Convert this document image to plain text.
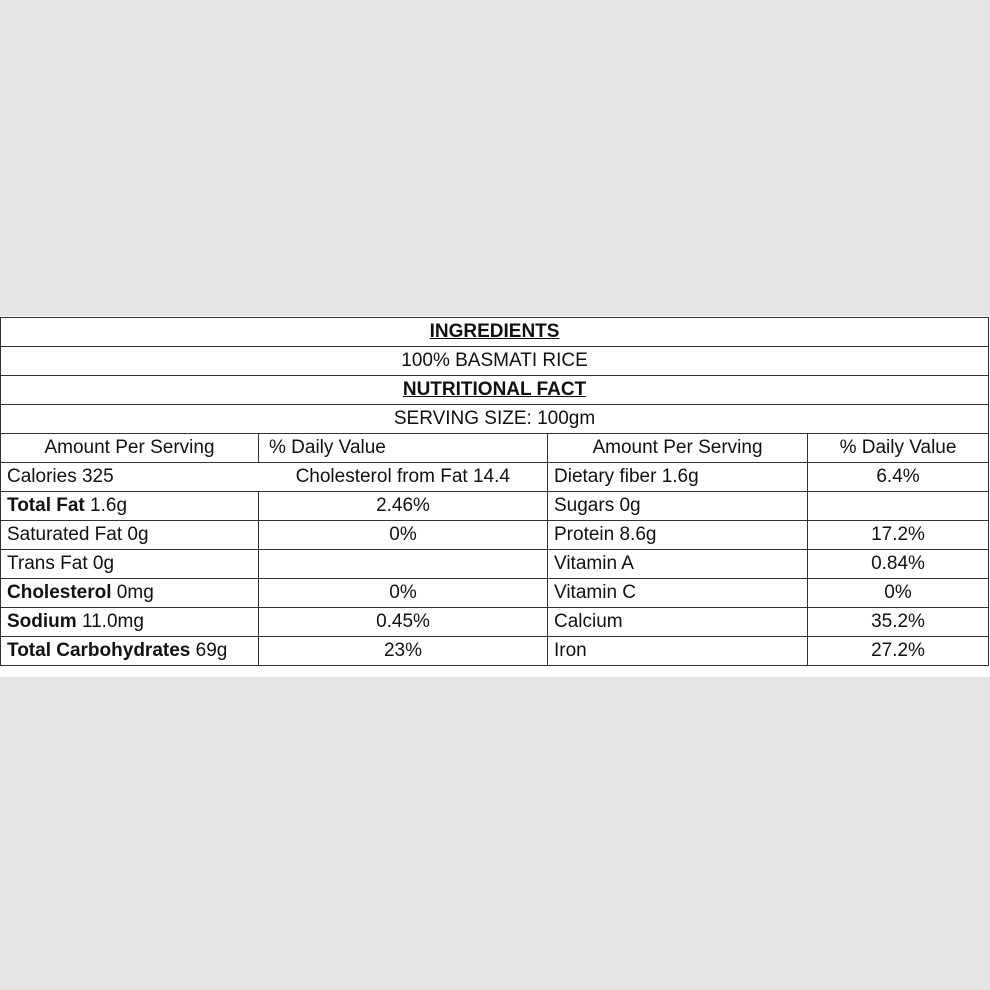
INGREDIENTS			
100% BASMATI RICE			
NUTRITIONAL FACT			
SERVING SIZE: 100gm			
Amount Per Serving	% Daily Value	Amount Per Serving	% Daily Value
Calories 325	Cholesterol from Fat 14.4	Dietary fiber 1.6g	6.4%
Total Fat 1.6g	2.46%	Sugars 0g	
Saturated Fat 0g	0%	Protein 8.6g	17.2%
Trans Fat 0g		Vitamin A	0.84%
Cholesterol 0mg	0%	Vitamin C	0%
Sodium 11.0mg	0.45%	Calcium	35.2%
Total Carbohydrates 69g	23%	Iron	27.2%
